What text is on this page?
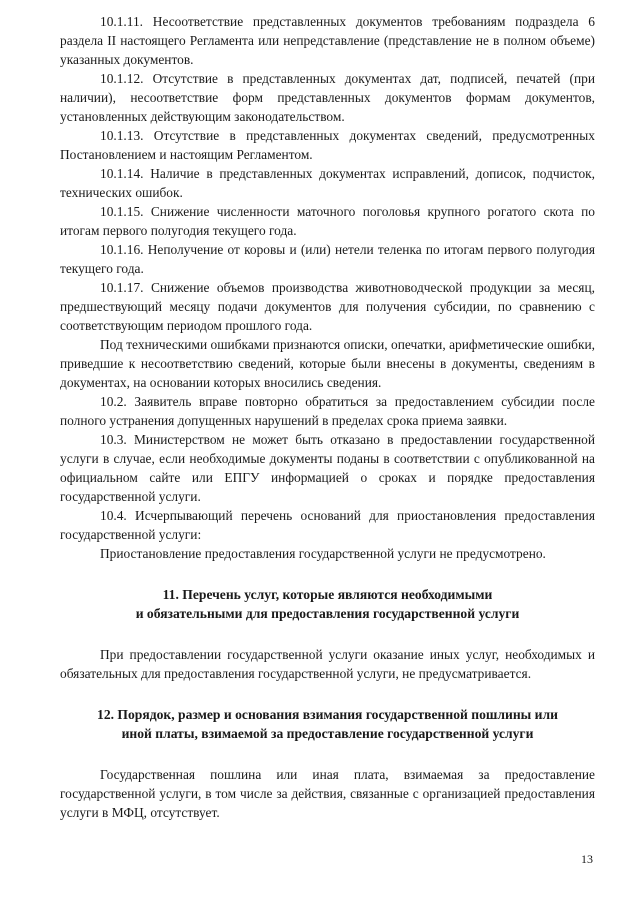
10.1.11. Несоответствие представленных документов требованиям подраздела 6 раздела II настоящего Регламента или непредставление (представление не в полном объеме) указанных документов.

10.1.12. Отсутствие в представленных документах дат, подписей, печатей (при наличии), несоответствие форм представленных документов формам документов, установленных действующим законодательством.

10.1.13. Отсутствие в представленных документах сведений, предусмотренных Постановлением и настоящим Регламентом.

10.1.14. Наличие в представленных документах исправлений, дописок, подчисток, технических ошибок.

10.1.15. Снижение численности маточного поголовья крупного рогатого скота по итогам первого полугодия текущего года.

10.1.16. Неполучение от коровы и (или) нетели теленка по итогам первого полугодия текущего года.

10.1.17. Снижение объемов производства животноводческой продукции за месяц, предшествующий месяцу подачи документов для получения субсидии, по сравнению с соответствующим периодом прошлого года.

Под техническими ошибками признаются описки, опечатки, арифметические ошибки, приведшие к несоответствию сведений, которые были внесены в документы, сведениям в документах, на основании которых вносились сведения.

10.2. Заявитель вправе повторно обратиться за предоставлением субсидии после полного устранения допущенных нарушений в пределах срока приема заявки.

10.3. Министерством не может быть отказано в предоставлении государственной услуги в случае, если необходимые документы поданы в соответствии с опубликованной на официальном сайте или ЕПГУ информацией о сроках и порядке предоставления государственной услуги.

10.4. Исчерпывающий перечень оснований для приостановления предоставления государственной услуги:

Приостановление предоставления государственной услуги не предусмотрено.

11. Перечень услуг, которые являются необходимыми

и обязательными для предоставления государственной услуги

При предоставлении государственной услуги оказание иных услуг, необходимых и обязательных для предоставления государственной услуги, не предусматривается.

12. Порядок, размер и основания взимания государственной пошлины или

иной платы, взимаемой за предоставление государственной услуги

Государственная пошлина или иная плата, взимаемая за предоставление государственной услуги, в том числе за действия, связанные с организацией предоставления услуги в МФЦ, отсутствует.

13
